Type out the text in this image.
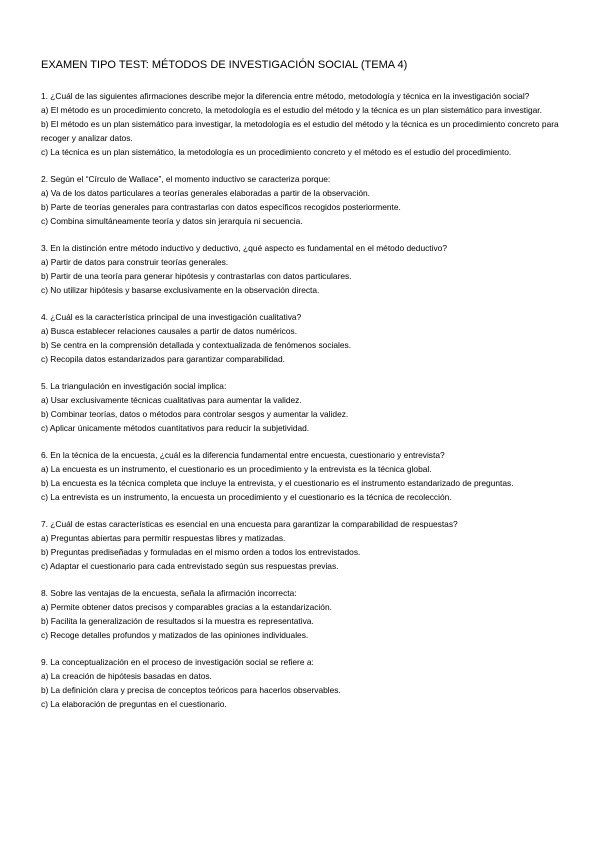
EXAMEN TIPO TEST: MÉTODOS DE INVESTIGACIÓN SOCIAL (TEMA 4)

1. ¿Cuál de las siguientes afirmaciones describe mejor la diferencia entre método, metodología y técnica en la investigación social?

a) El método es un procedimiento concreto, la metodología es el estudio del método y la técnica es un plan sistemático para investigar.

b) El método es un plan sistemático para investigar, la metodología es el estudio del método y la técnica es un procedimiento concreto para recoger y analizar datos.

c) La técnica es un plan sistemático, la metodología es un procedimiento concreto y el método es el estudio del procedimiento.

2. Según el “Círculo de Wallace”, el momento inductivo se caracteriza porque:

a) Va de los datos particulares a teorías generales elaboradas a partir de la observación.

b) Parte de teorías generales para contrastarlas con datos específicos recogidos posteriormente.

c) Combina simultáneamente teoría y datos sin jerarquía ni secuencia.

3. En la distinción entre método inductivo y deductivo, ¿qué aspecto es fundamental en el método deductivo?

a) Partir de datos para construir teorías generales.

b) Partir de una teoría para generar hipótesis y contrastarlas con datos particulares.

c) No utilizar hipótesis y basarse exclusivamente en la observación directa.

4. ¿Cuál es la característica principal de una investigación cualitativa?

a) Busca establecer relaciones causales a partir de datos numéricos.

b) Se centra en la comprensión detallada y contextualizada de fenómenos sociales.

c) Recopila datos estandarizados para garantizar comparabilidad.

5. La triangulación en investigación social implica:

a) Usar exclusivamente técnicas cualitativas para aumentar la validez.

b) Combinar teorías, datos o métodos para controlar sesgos y aumentar la validez.

c) Aplicar únicamente métodos cuantitativos para reducir la subjetividad.

6. En la técnica de la encuesta, ¿cuál es la diferencia fundamental entre encuesta, cuestionario y entrevista?

a) La encuesta es un instrumento, el cuestionario es un procedimiento y la entrevista es la técnica global.

b) La encuesta es la técnica completa que incluye la entrevista, y el cuestionario es el instrumento estandarizado de preguntas.

c) La entrevista es un instrumento, la encuesta un procedimiento y el cuestionario es la técnica de recolección.

7. ¿Cuál de estas características es esencial en una encuesta para garantizar la comparabilidad de respuestas?

a) Preguntas abiertas para permitir respuestas libres y matizadas.

b) Preguntas prediseñadas y formuladas en el mismo orden a todos los entrevistados.

c) Adaptar el cuestionario para cada entrevistado según sus respuestas previas.

8. Sobre las ventajas de la encuesta, señala la afirmación incorrecta:

a) Permite obtener datos precisos y comparables gracias a la estandarización.

b) Facilita la generalización de resultados si la muestra es representativa.

c) Recoge detalles profundos y matizados de las opiniones individuales.

9. La conceptualización en el proceso de investigación social se refiere a:

a) La creación de hipótesis basadas en datos.

b) La definición clara y precisa de conceptos teóricos para hacerlos observables.

c) La elaboración de preguntas en el cuestionario.
